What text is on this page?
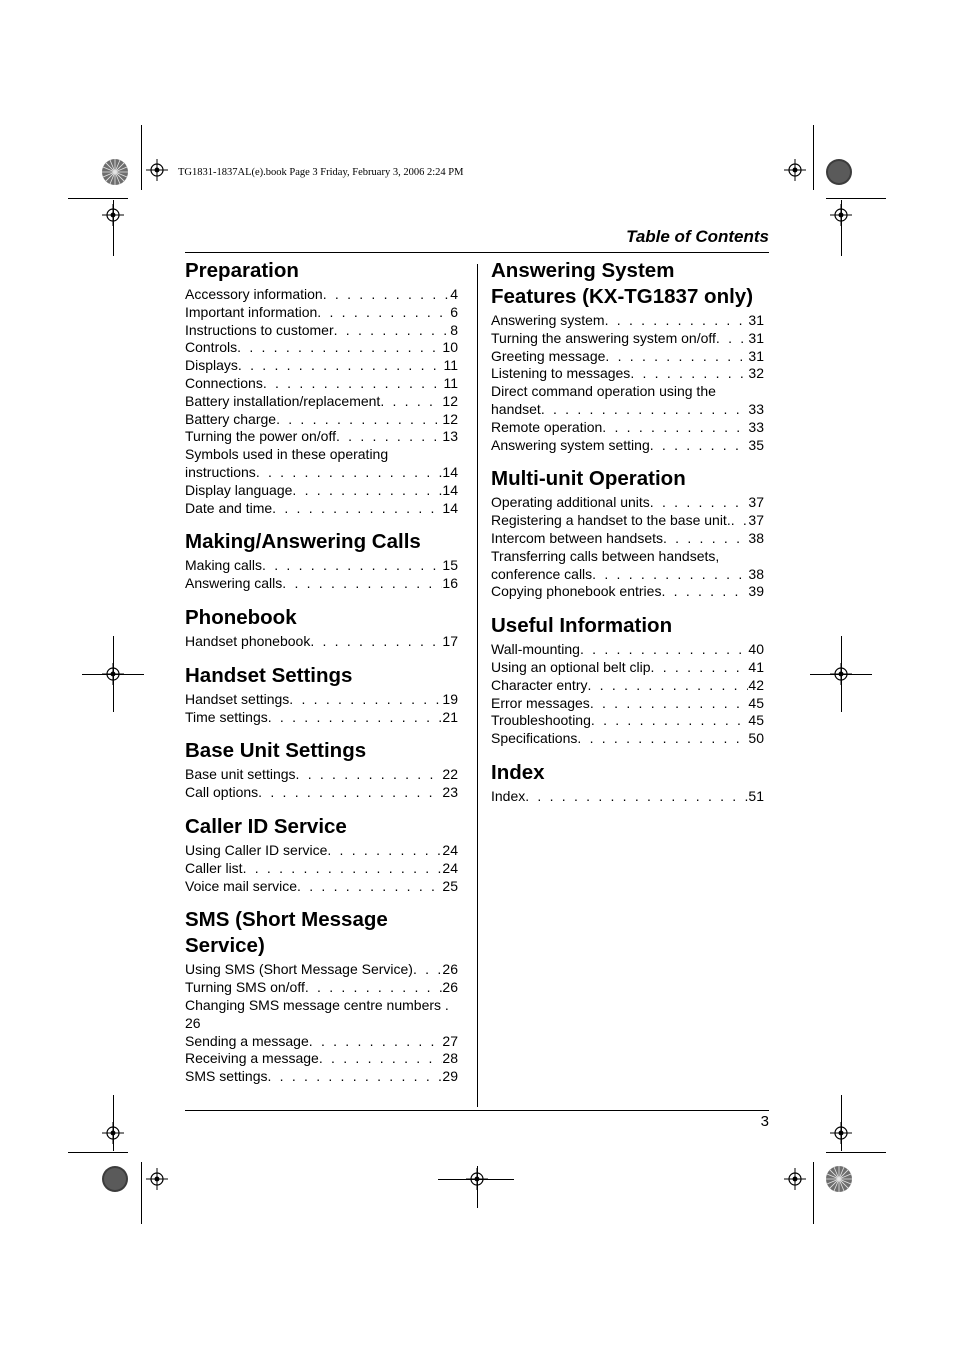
TG1831-1837AL(e).book Page 3 Friday, February 3, 2006 2:24 PM
Table of Contents
3
Preparation
Accessory information . . .	4
Important information . . .	6
Instructions to customer . . .	8
Controls . . .	10
Displays . . .	11
Connections . . .	11
Battery installation/replacement . . .	12
Battery charge . . .	12
Turning the power on/off . . .	13
Symbols used in these operating
instructions . . .	14
Display language . . .	14
Date and time . . .	14
Making/Answering Calls
Making calls . . .	15
Answering calls . . .	16
Phonebook
Handset phonebook . . .	17
Handset Settings
Handset settings . . .	19
Time settings . . .	21
Base Unit Settings
Base unit settings . . .	22
Call options . . .	23
Caller ID Service
Using Caller ID service . . .	24
Caller list . . .	24
Voice mail service . . .	25
SMS (Short Message Service)
Using SMS (Short Message Service) . . . 26
Turning SMS on/off . . .	26
Changing SMS message centre numbers .
26
Sending a message . . .	27
Receiving a message . . .	28
SMS settings . . .	29
Answering System Features (KX-TG1837 only)
Answering system . . .	31
Turning the answering system on/off . . . 31
Greeting message . . .	31
Listening to messages . . .	32
Direct command operation using the
handset . . .	33
Remote operation . . .	33
Answering system setting . . .	35
Multi-unit Operation
Operating additional units . . .	37
Registering a handset to the base unit. . . . 37
Intercom between handsets . . .	38
Transferring calls between handsets,
conference calls . . .	38
Copying phonebook entries . . .	39
Useful Information
Wall-mounting . . .	40
Using an optional belt clip . . .	41
Character entry . . .	42
Error messages . . .	45
Troubleshooting . . .	45
Specifications . . .	50
Index
Index . . .	51
